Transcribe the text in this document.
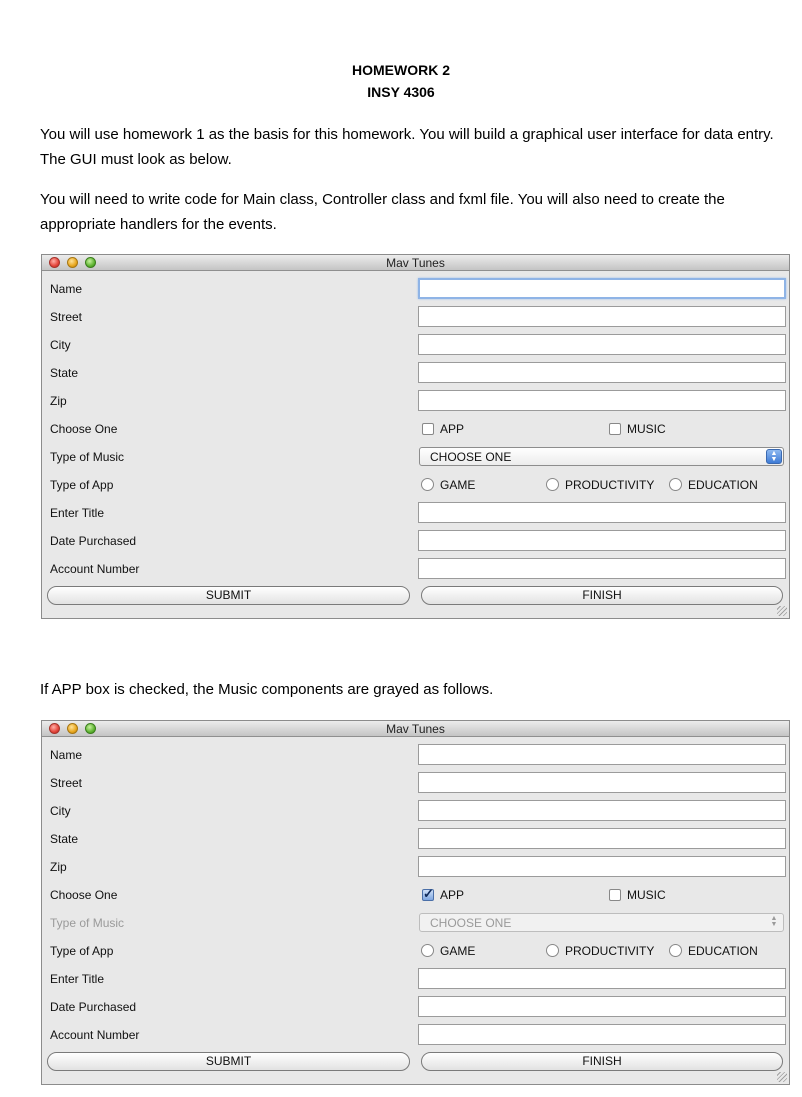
HOMEWORK 2
INSY 4306
You will use homework 1 as the basis for this homework. You will build a graphical user interface for data entry. The GUI must look as below.
You will need to write code for Main class, Controller class and fxml file. You will also need to create the appropriate handlers for the events.
Mav Tunes
Name
Street
City
State
Zip
Choose One	APP	MUSIC
Type of Music	CHOOSE ONE	▲
▼
Type of App	GAME	PRODUCTIVITY	EDUCATION
Enter Title
Date Purchased
Account Number
SUBMIT	FINISH
If APP box is checked, the Music components are grayed as follows.
Mav Tunes
Name
Street
City
State
Zip
Choose One
✓	APP	MUSIC
Type of Music	CHOOSE ONE	▲
▼
Type of App	GAME	PRODUCTIVITY	EDUCATION
Enter Title
Date Purchased
Account Number
SUBMIT	FINISH
